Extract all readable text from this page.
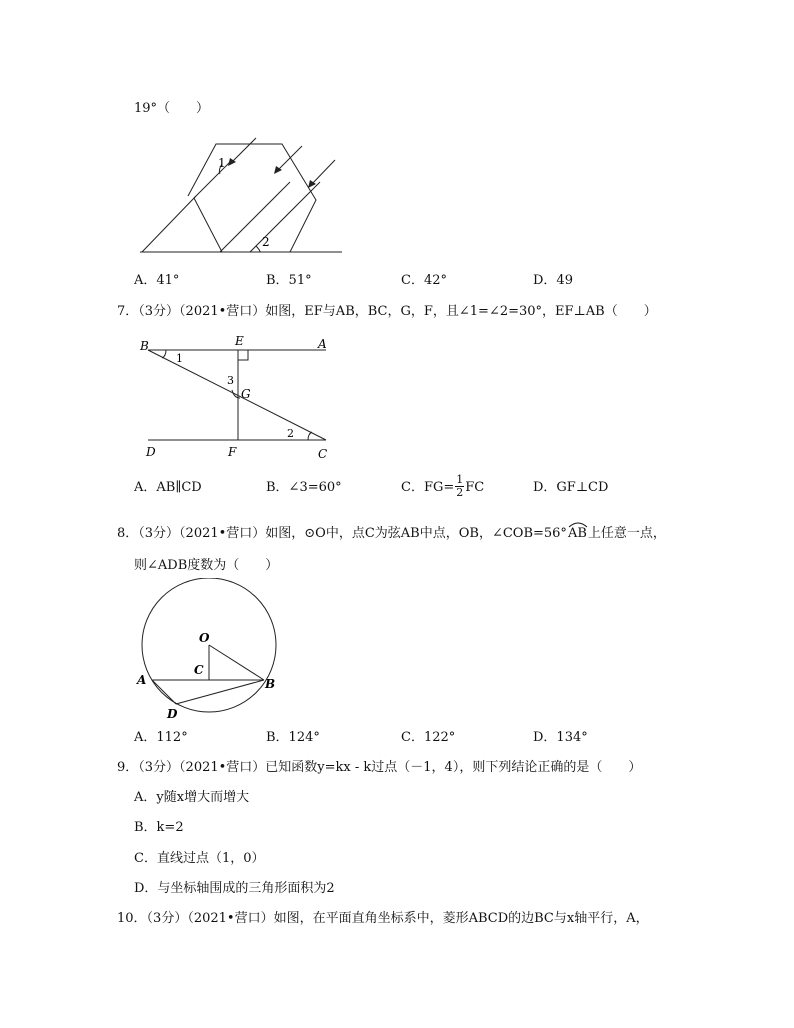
19°（　　）
1
2
A．41°	B．51°	C．42°	D．49
7．（3分）（2021•营口）如图，EF与AB，BC，G，F，且∠1=∠2=30°，EF⊥AB（　　）
B	E	A
1
3
G
2
D	F	C
A．AB∥CD	B．∠3=60°	C．$FG= \frac{1}{2}$ FC	D．GF⊥CD
8．（3分）（2021•营口）如图，⊙O中，点C为弦AB中点，OB，∠COB=56°
AB上任意一点，
则∠ADB度数为（　　）
O
C
A	B
D
A．112°	B．124°	C．122°	D．134°
9．（3分）（2021•营口）已知函数y=kx - k过点（－1，4），则下列结论正确的是（　　）
A．y随x增大而增大
B．k=2
C．直线过点（1，0）
D．与坐标轴围成的三角形面积为2
10．（3分）（2021•营口）如图，在平面直角坐标系中，菱形ABCD的边BC与x轴平行，A，
